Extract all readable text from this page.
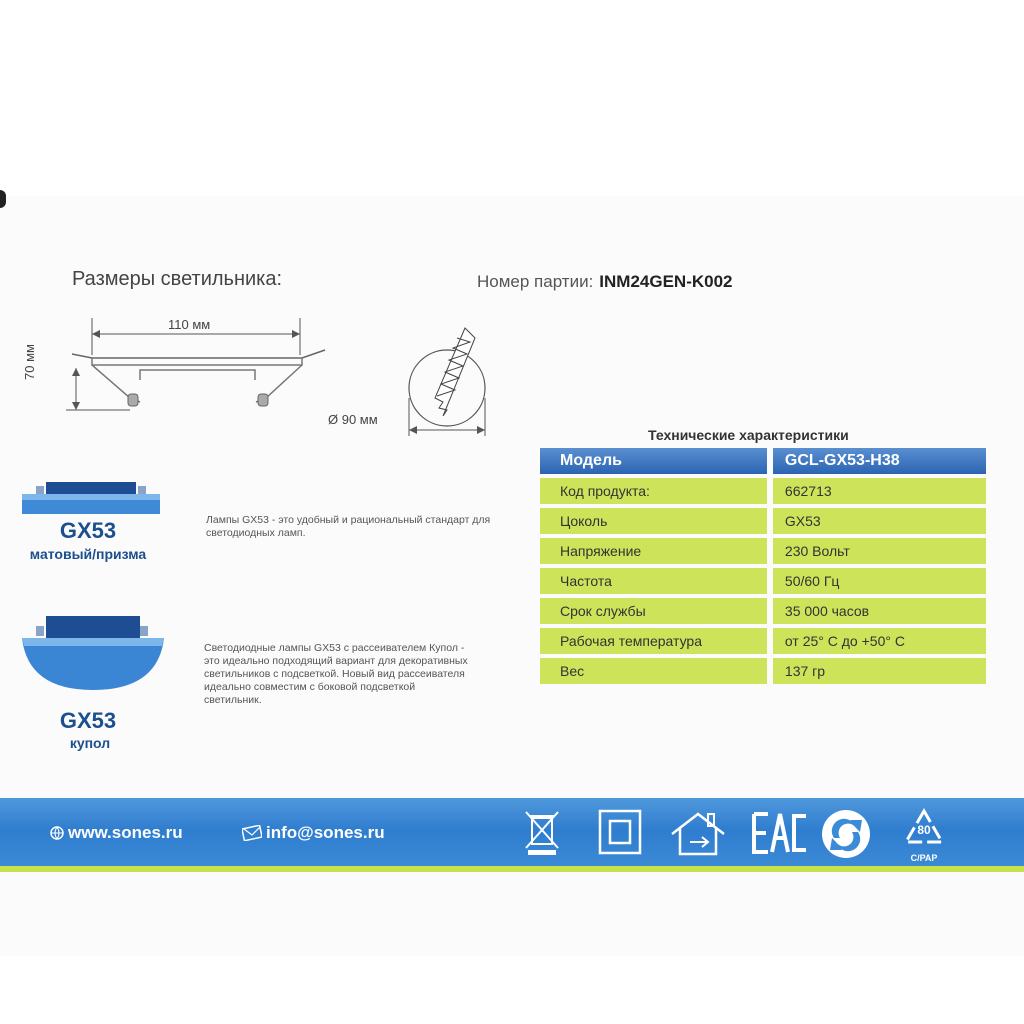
Размеры светильника:	Номер партии: INM24GEN-K002
110 мм
70 мм
Ø 90 мм
GX53
матовый/призма
Лампы GX53 - это удобный и рациональный стандарт для светодиодных ламп.
GX53
купол
Светодиодные лампы GX53 с рассеивателем Купол -
это идеально подходящий вариант для декоративных
светильников с подсветкой. Новый вид рассеивателя
идеально совместим с боковой подсветкой
светильник.
Технические характеристики
Модель	GCL-GX53-H38
Код продукта:	662713
Цоколь	GX53
Напряжение	230 Вольт
Частота	50/60 Гц
Срок службы	35 000 часов
Рабочая температура	от 25° С до +50° С
Вес	137 гр
www.sones.ru	info@sones.ru	80
C/PAP
